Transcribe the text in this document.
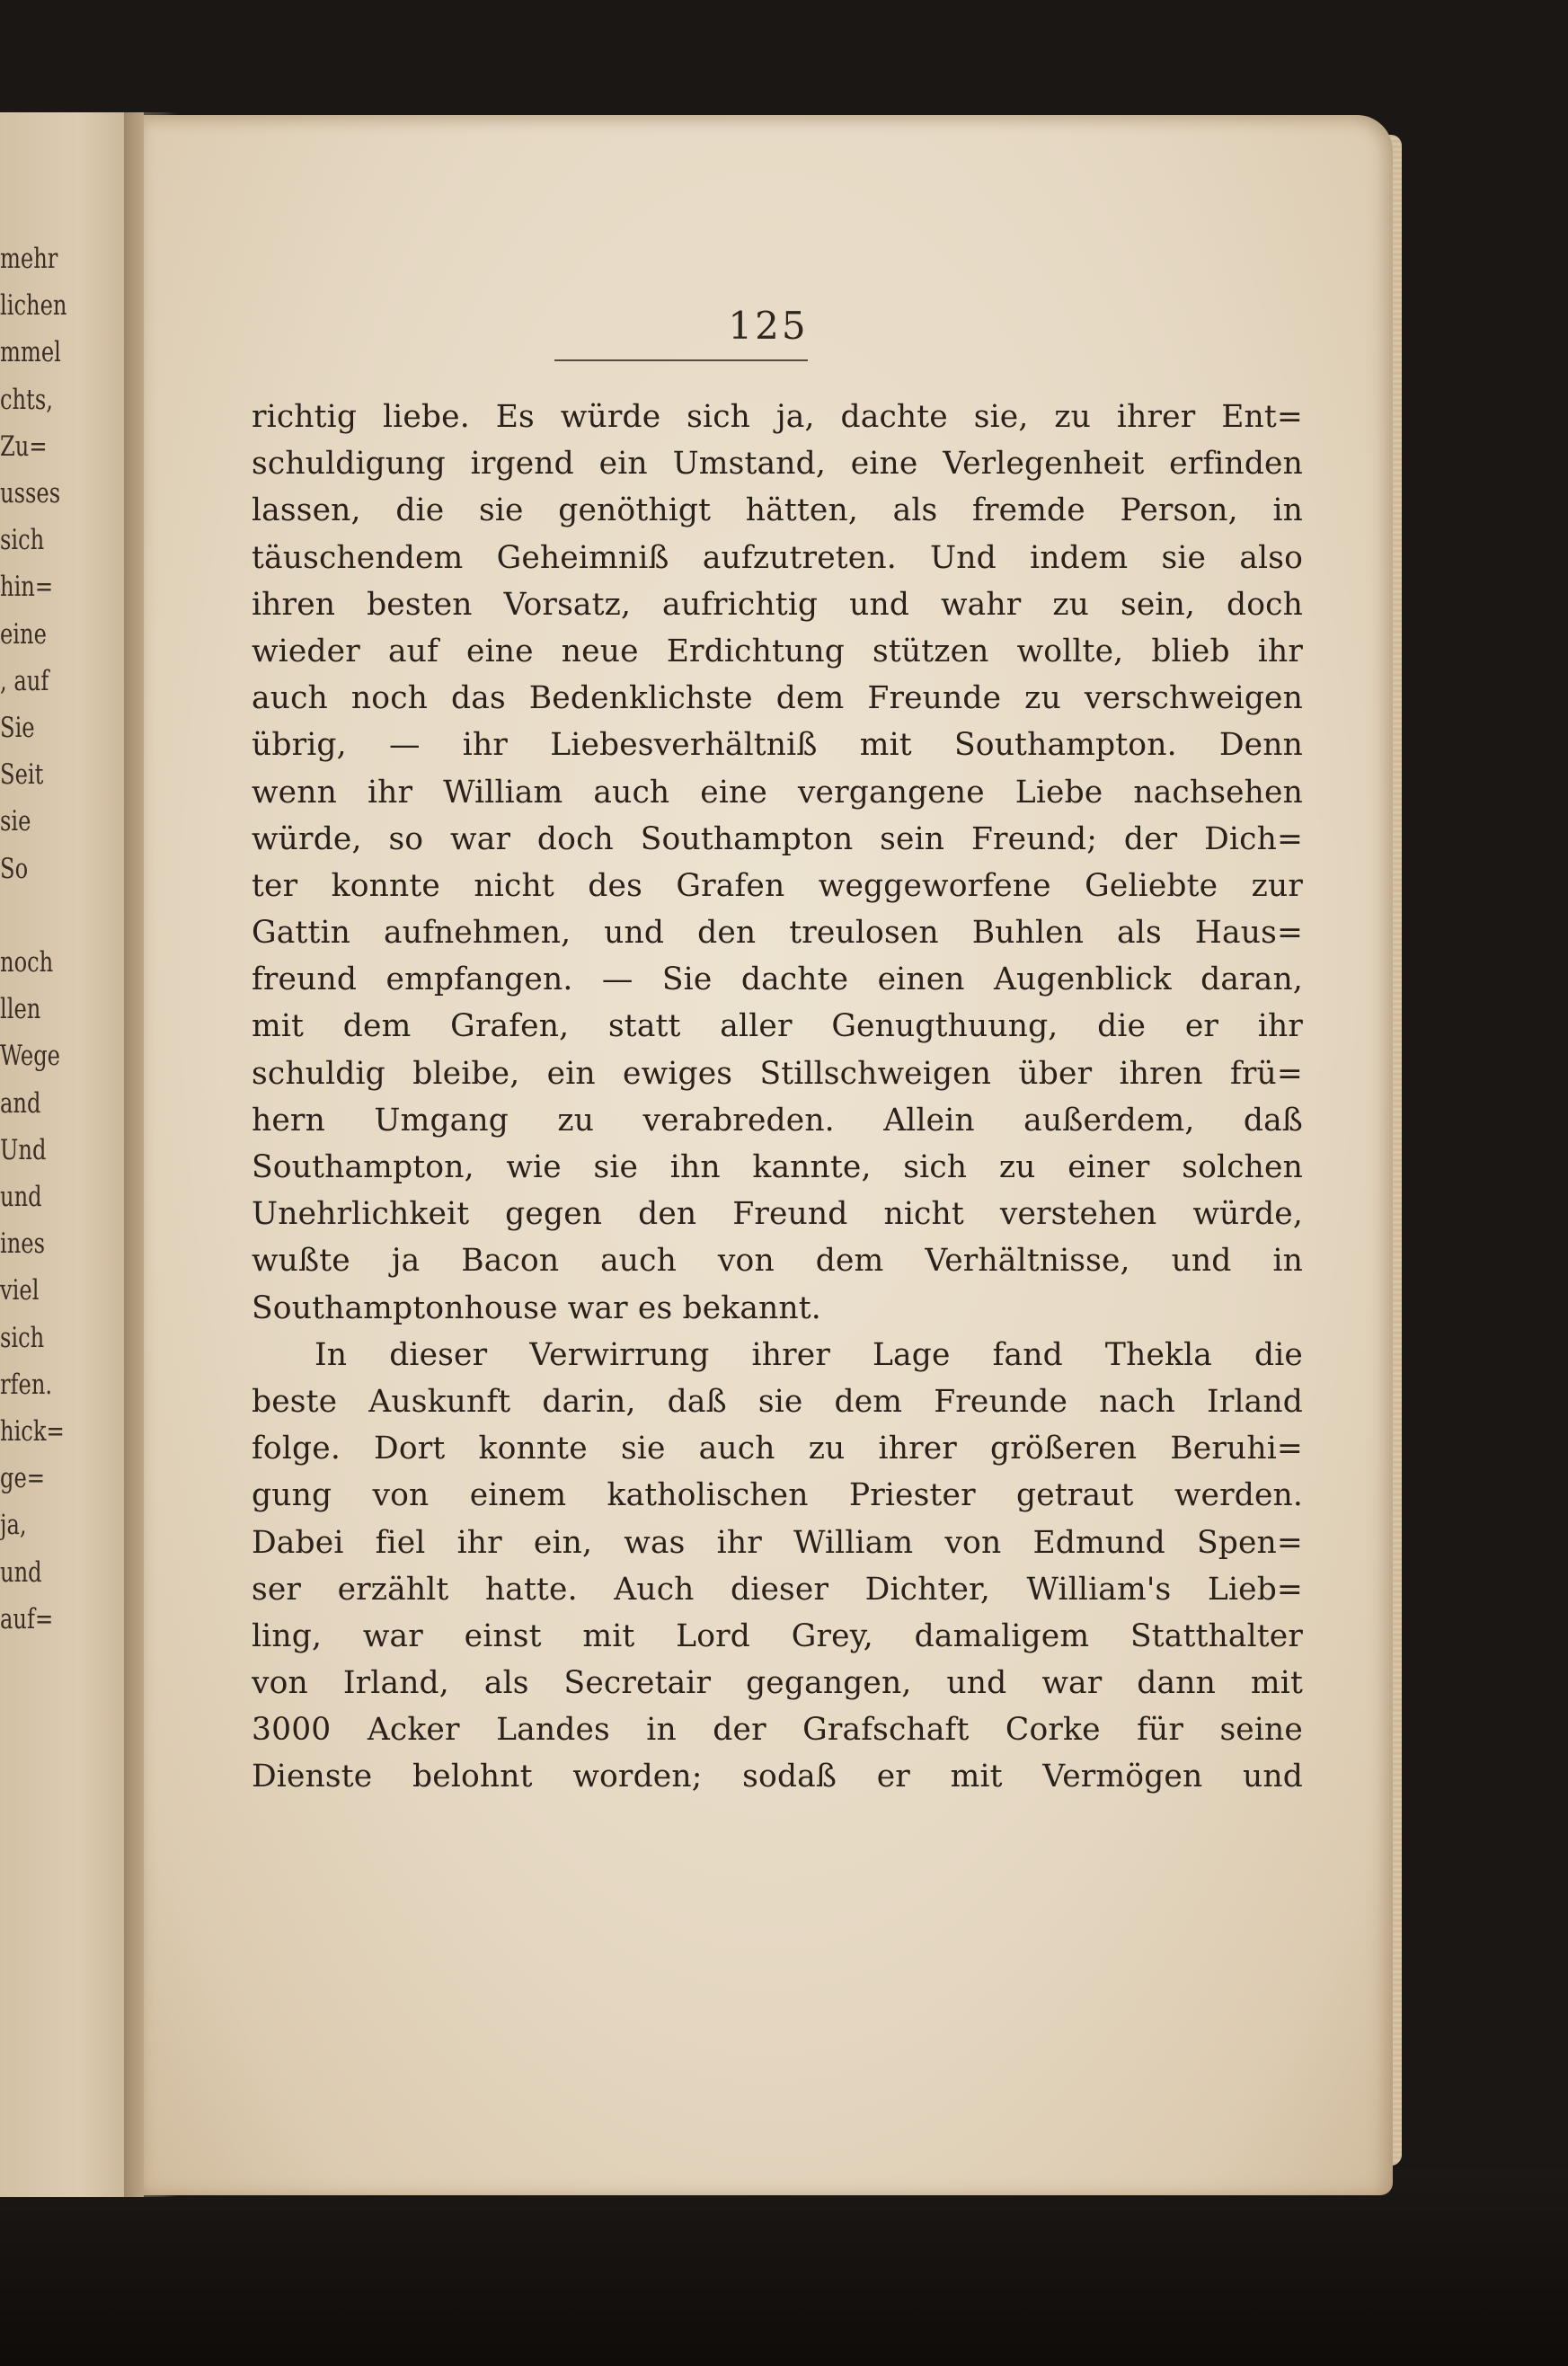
mehr
lichen
mmel
chts,
Zu=
usses
sich
hin=
eine
, auf
Sie
Seit
sie
So
noch
llen
Wege
and
Und
und
ines
viel
sich
rfen.
hick=
ge=
ja,
und
auf=
125
richtig liebe. Es würde sich ja, dachte sie, zu ihrer Ent=
schuldigung irgend ein Umstand, eine Verlegenheit erfinden
lassen, die sie genöthigt hätten, als fremde Person, in
täuschendem Geheimniß aufzutreten. Und indem sie also
ihren besten Vorsatz, aufrichtig und wahr zu sein, doch
wieder auf eine neue Erdichtung stützen wollte, blieb ihr
auch noch das Bedenklichste dem Freunde zu verschweigen
übrig, — ihr Liebesverhältniß mit Southampton. Denn
wenn ihr William auch eine vergangene Liebe nachsehen
würde, so war doch Southampton sein Freund; der Dich=
ter konnte nicht des Grafen weggeworfene Geliebte zur
Gattin aufnehmen, und den treulosen Buhlen als Haus=
freund empfangen. — Sie dachte einen Augenblick daran,
mit dem Grafen, statt aller Genugthuung, die er ihr
schuldig bleibe, ein ewiges Stillschweigen über ihren frü=
hern Umgang zu verabreden. Allein außerdem, daß
Southampton, wie sie ihn kannte, sich zu einer solchen
Unehrlichkeit gegen den Freund nicht verstehen würde,
wußte ja Bacon auch von dem Verhältnisse, und in
Southamptonhouse war es bekannt.
In dieser Verwirrung ihrer Lage fand Thekla die
beste Auskunft darin, daß sie dem Freunde nach Irland
folge. Dort konnte sie auch zu ihrer größeren Beruhi=
gung von einem katholischen Priester getraut werden.
Dabei fiel ihr ein, was ihr William von Edmund Spen=
ser erzählt hatte. Auch dieser Dichter, William's Lieb=
ling, war einst mit Lord Grey, damaligem Statthalter
von Irland, als Secretair gegangen, und war dann mit
3000 Acker Landes in der Grafschaft Corke für seine
Dienste belohnt worden; sodaß er mit Vermögen und
